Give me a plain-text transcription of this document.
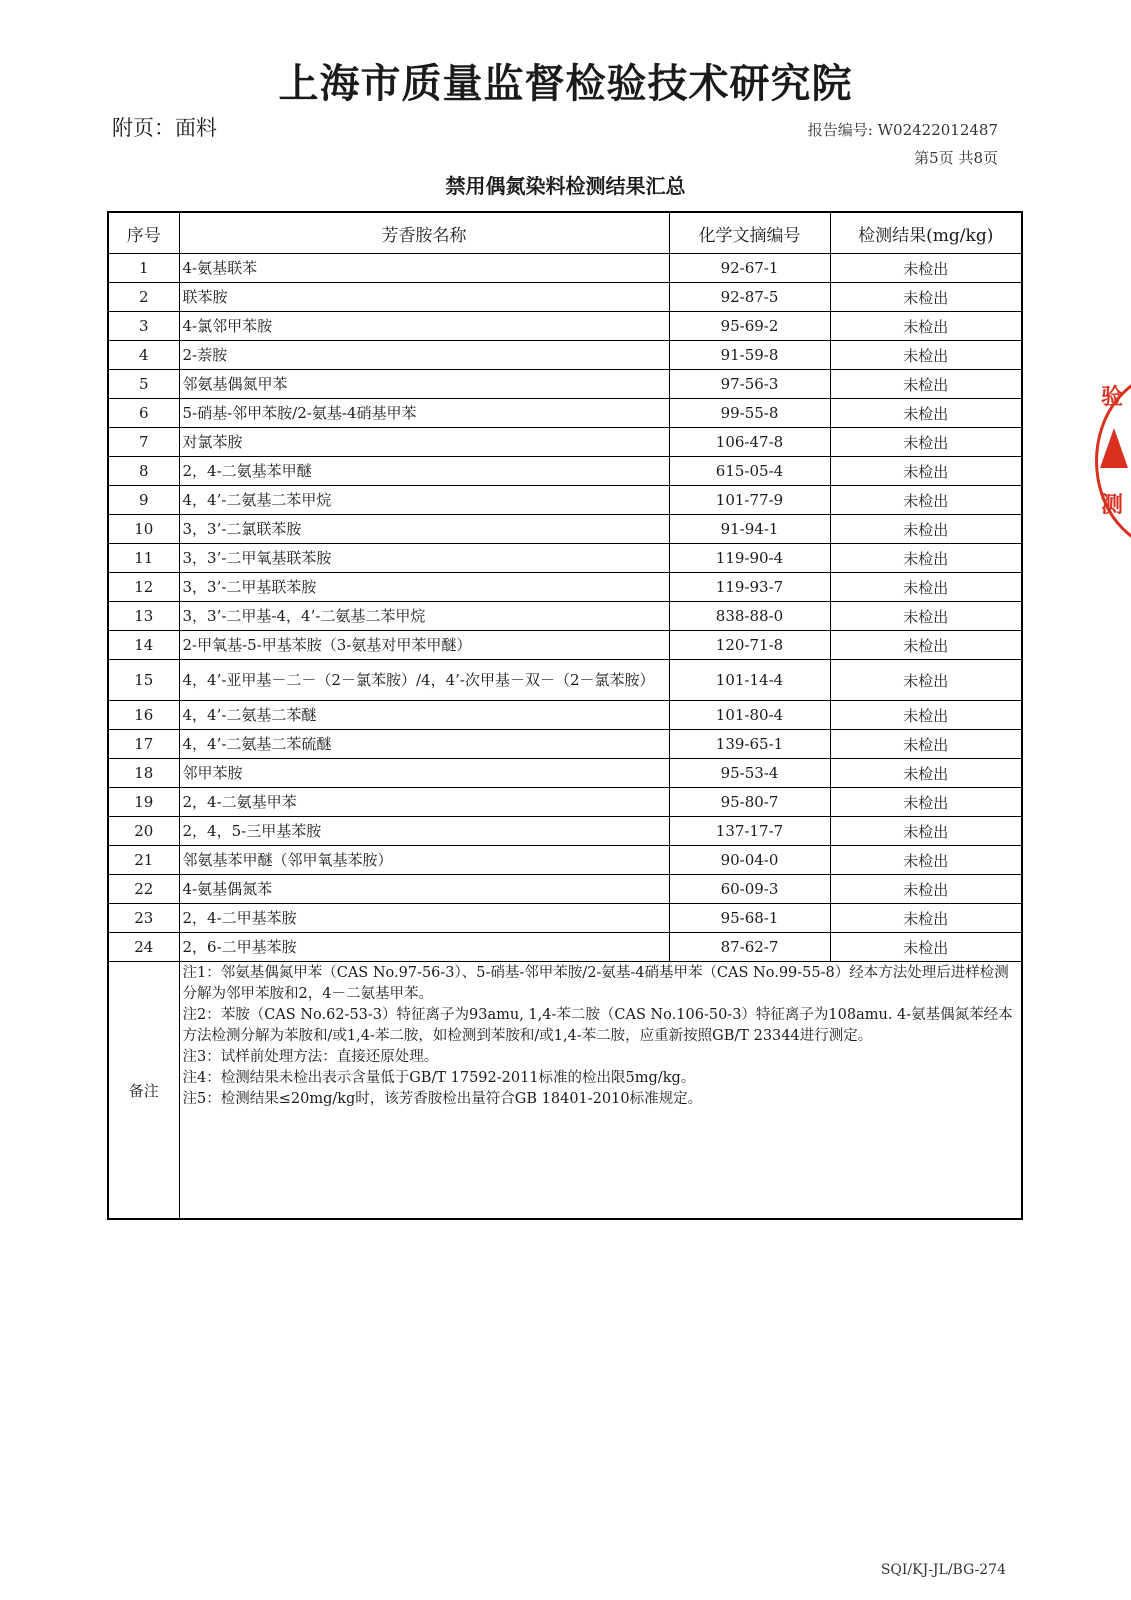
上海市质量监督检验技术研究院
附页：面料	报告编号: W02422012487
第5页 共8页
禁用偶氮染料检测结果汇总
序号	芳香胺名称	化学文摘编号	检测结果(mg/kg)
1	4-氨基联苯	92-67-1	未检出
2	联苯胺	92-87-5	未检出
3	4-氯邻甲苯胺	95-69-2	未检出
4	2-萘胺	91-59-8	未检出
5	邻氨基偶氮甲苯	97-56-3	未检出
6	5-硝基-邻甲苯胺/2-氨基-4硝基甲苯	99-55-8	未检出
7	对氯苯胺	106-47-8	未检出
8	2，4-二氨基苯甲醚	615-05-4	未检出
9	4，4’-二氨基二苯甲烷	101-77-9	未检出
10	3，3’-二氯联苯胺	91-94-1	未检出
11	3，3’-二甲氧基联苯胺	119-90-4	未检出
12	3，3’-二甲基联苯胺	119-93-7	未检出
13	3，3’-二甲基-4，4’-二氨基二苯甲烷	838-88-0	未检出
14	2-甲氧基-5-甲基苯胺（3-氨基对甲苯甲醚）	120-71-8	未检出
15	4，4’-亚甲基－二－（2－氯苯胺）/4，4’-次甲基－双－（2－氯苯胺）	101-14-4	未检出
16	4，4’-二氨基二苯醚	101-80-4	未检出
17	4，4’-二氨基二苯硫醚	139-65-1	未检出
18	邻甲苯胺	95-53-4	未检出
19	2，4-二氨基甲苯	95-80-7	未检出
20	2，4，5-三甲基苯胺	137-17-7	未检出
21	邻氨基苯甲醚（邻甲氧基苯胺）	90-04-0	未检出
22	4-氨基偶氮苯	60-09-3	未检出
23	2，4-二甲基苯胺	95-68-1	未检出
24	2，6-二甲基苯胺	87-62-7	未检出
备注	注1：邻氨基偶氮甲苯（CAS No.97-56-3）、5-硝基-邻甲苯胺/2-氨基-4硝基甲苯（CAS No.99-55-8）经本方法处理后进样检测分解为邻甲苯胺和2，4－二氨基甲苯。
注2：苯胺（CAS No.62-53-3）特征离子为93amu, 1,4-苯二胺（CAS No.106-50-3）特征离子为108amu. 4-氨基偶氮苯经本方法检测分解为苯胺和/或1,4-苯二胺，如检测到苯胺和/或1,4-苯二胺，应重新按照GB/T 23344进行测定。
注3：试样前处理方法：直接还原处理。
注4：检测结果未检出表示含量低于GB/T 17592-2011标准的检出限5mg/kg。
注5：检测结果≤20mg/kg时，该芳香胺检出量符合GB 18401-2010标准规定。		
验
测
SQI/KJ-JL/BG-274
